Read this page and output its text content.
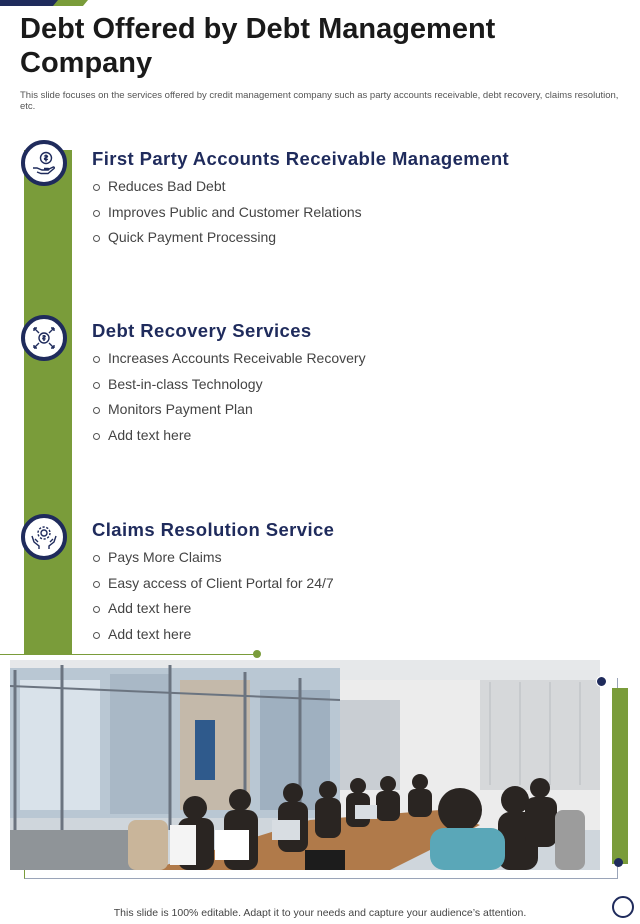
Debt Offered by Debt Management Company
This slide focuses on the services offered by credit management company such as party accounts receivable, debt recovery, claims resolution, etc.
First Party Accounts Receivable Management
Reduces Bad Debt
Improves Public and Customer Relations
Quick Payment Processing
Debt Recovery Services
Increases Accounts Receivable Recovery
Best-in-class Technology
Monitors Payment Plan
Add text here
Claims Resolution Service
Pays More Claims
Easy access of Client Portal for 24/7
Add text here
Add text here
This slide is 100% editable. Adapt it to your needs and capture your audience’s attention.
